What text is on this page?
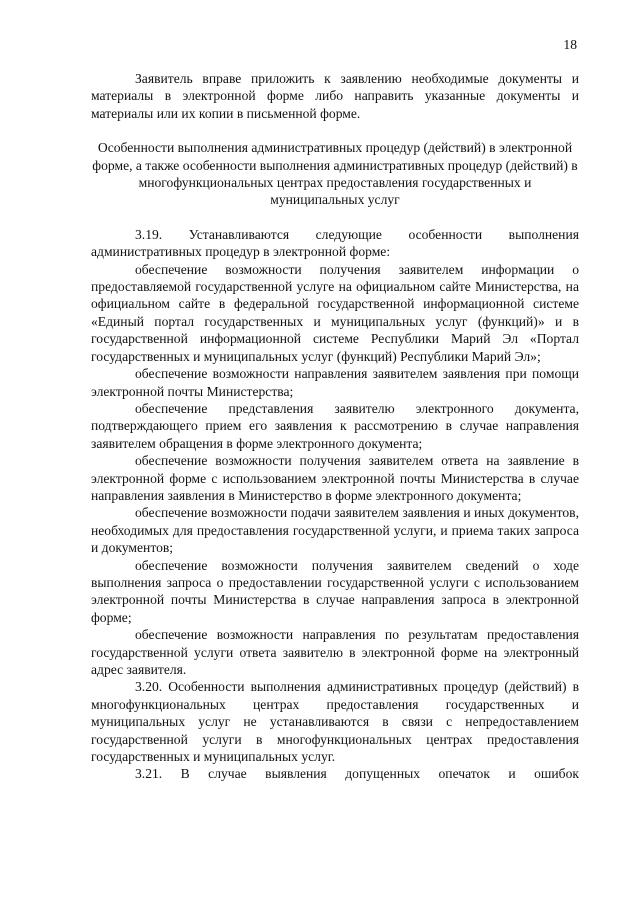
18

Заявитель вправе приложить к заявлению необходимые документы и материалы в электронной форме либо направить указанные документы и материалы или их копии в письменной форме.

Особенности выполнения административных процедур (действий) в электронной форме, а также особенности выполнения административных процедур (действий) в многофункциональных центрах предоставления государственных и муниципальных услуг

3.19. Устанавливаются следующие особенности выполнения административных процедур в электронной форме:

обеспечение возможности получения заявителем информации о предоставляемой государственной услуге на официальном сайте Министерства, на официальном сайте в федеральной государственной информационной системе «Единый портал государственных и муниципальных услуг (функций)» и в государственной информационной системе Республики Марий Эл «Портал государственных и муниципальных услуг (функций) Республики Марий Эл»;

обеспечение возможности направления заявителем заявления при помощи электронной почты Министерства;

обеспечение представления заявителю электронного документа, подтверждающего прием его заявления к рассмотрению в случае направления заявителем обращения в форме электронного документа;

обеспечение возможности получения заявителем ответа на заявление в электронной форме с использованием электронной почты Министерства в случае направления заявления в Министерство в форме электронного документа;

обеспечение возможности подачи заявителем заявления и иных документов, необходимых для предоставления государственной услуги, и приема таких запроса и документов;

обеспечение возможности получения заявителем сведений о ходе выполнения запроса о предоставлении государственной услуги с использованием электронной почты Министерства в случае направления запроса в электронной форме;

обеспечение возможности направления по результатам предоставления государственной услуги ответа заявителю в электронной форме на электронный адрес заявителя.

3.20. Особенности выполнения административных процедур (действий) в многофункциональных центрах предоставления государственных и муниципальных услуг не устанавливаются в связи с непредоставлением государственной услуги в многофункциональных центрах предоставления государственных и муниципальных услуг.

3.21. В случае выявления допущенных опечаток и ошибок
